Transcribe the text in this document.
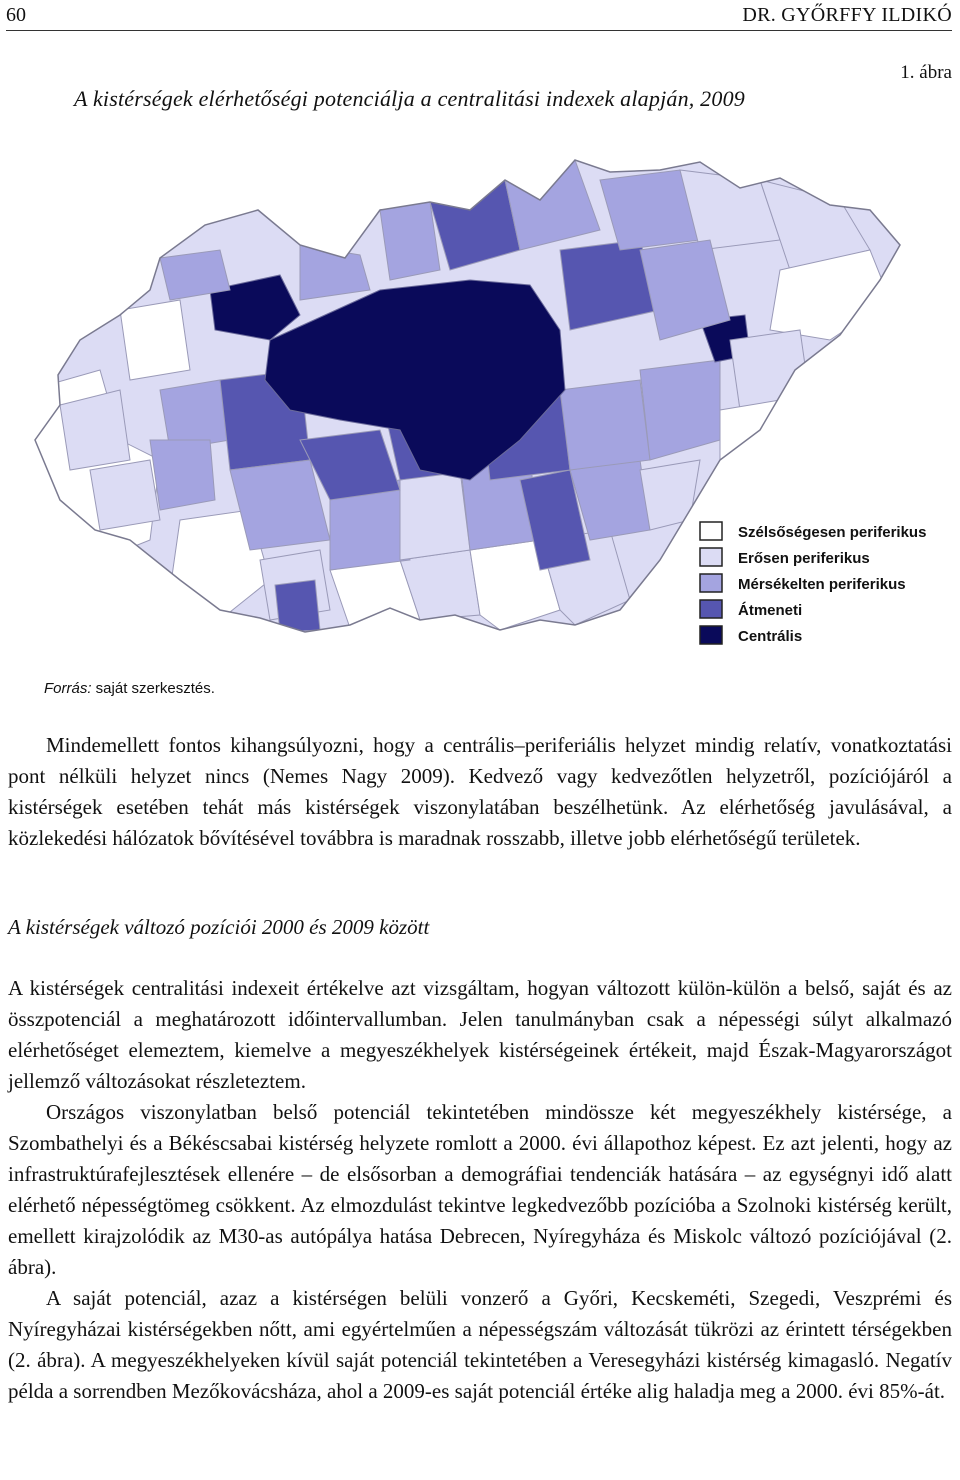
60	DR. GYŐRFFY ILDIKÓ
1. ábra
A kistérségek elérhetőségi potenciálja a centralitási indexek alapján, 2009
Szélsőségesen periferikus
Erősen periferikus
Mérsékelten periferikus
Átmeneti
Centrális
Forrás: saját szerkesztés.

Mindemellett fontos kihangsúlyozni, hogy a centrális–periferiális helyzet mindig relatív, vonatkoztatási pont nélküli helyzet nincs (Nemes Nagy 2009). Kedvező vagy kedvezőtlen helyzetről, pozíciójáról a kistérségek esetében tehát más kistérségek viszonylatában beszélhetünk. Az elérhetőség javulásával, a közlekedési hálózatok bővítésével továbbra is maradnak rosszabb, illetve jobb elérhetőségű területek.

A kistérségek változó pozíciói 2000 és 2009 között

A kistérségek centralitási indexeit értékelve azt vizsgáltam, hogyan változott külön-külön a belső, saját és az összpotenciál a meghatározott időintervallumban. Jelen tanulmányban csak a népességi súlyt alkalmazó elérhetőséget elemeztem, kiemelve a megyeszékhelyek kistérségeinek értékeit, majd Észak-Magyarországot jellemző változásokat részleteztem.

Országos viszonylatban belső potenciál tekintetében mindössze két megyeszékhely kistérsége, a Szombathelyi és a Békéscsabai kistérség helyzete romlott a 2000. évi állapothoz képest. Ez azt jelenti, hogy az infrastruktúrafejlesztések ellenére – de elsősorban a demográfiai tendenciák hatására – az egységnyi idő alatt elérhető népességtömeg csökkent. Az elmozdulást tekintve legkedvezőbb pozícióba a Szolnoki kistérség került, emellett kirajzolódik az M30-as autópálya hatása Debrecen, Nyíregyháza és Miskolc változó pozíciójával (2. ábra).

A saját potenciál, azaz a kistérségen belüli vonzerő a Győri, Kecskeméti, Szegedi, Veszprémi és Nyíregyházai kistérségekben nőtt, ami egyértelműen a népességszám változását tükrözi az érintett térségekben (2. ábra). A megyeszékhelyeken kívül saját potenciál tekintetében a Veresegyházi kistérség kimagasló. Negatív példa a sorrendben Mezőkovácsháza, ahol a 2009-es saját potenciál értéke alig haladja meg a 2000. évi 85%-át.
